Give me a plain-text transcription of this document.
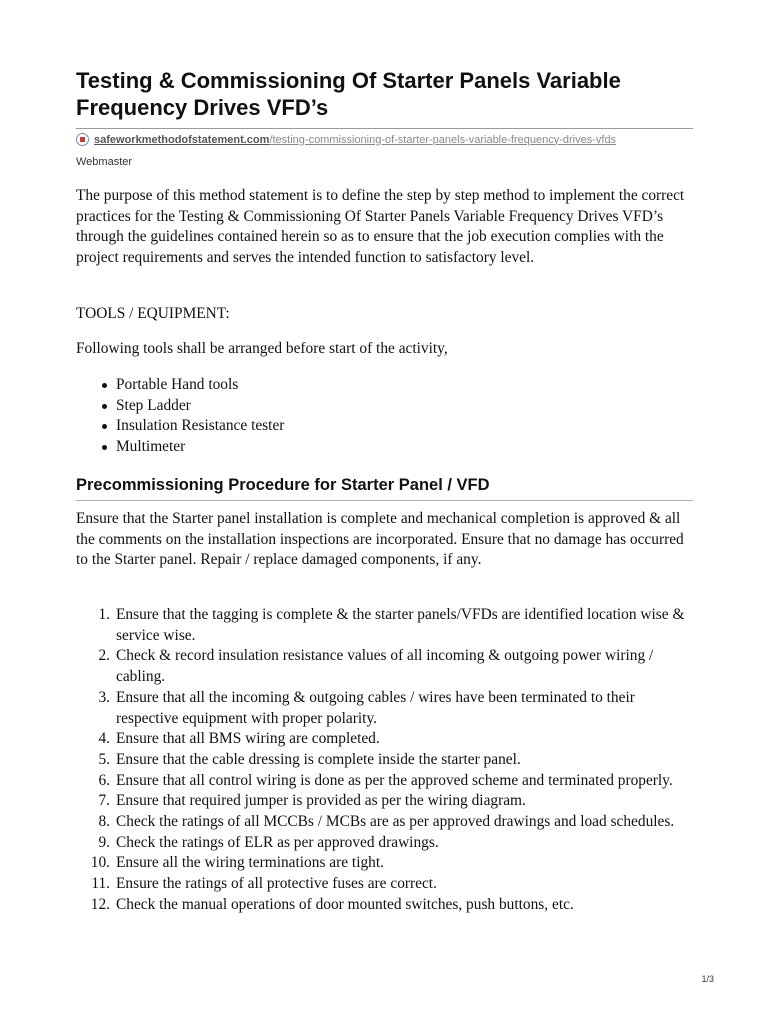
Testing & Commissioning Of Starter Panels Variable Frequency Drives VFD’s
safeworkmethodofstatement.com /testing-commissioning-of-starter-panels-variable-frequency-drives-vfds
Webmaster

The purpose of this method statement is to define the step by step method to implement the correct practices for the Testing & Commissioning Of Starter Panels Variable Frequency Drives VFD’s through the guidelines contained herein so as to ensure that the job execution complies with the project requirements and serves the intended function to satisfactory level.

TOOLS / EQUIPMENT:

Following tools shall be arranged before start of the activity,

Portable Hand tools
Step Ladder
Insulation Resistance tester
Multimeter
Precommissioning Procedure for Starter Panel / VFD

Ensure that the Starter panel installation is complete and mechanical completion is approved & all the comments on the installation inspections are incorporated. Ensure that no damage has occurred to the Starter panel. Repair / replace damaged components, if any.

1. Ensure that the tagging is complete & the starter panels/VFDs are identified location wise & service wise.
2. Check & record insulation resistance values of all incoming & outgoing power wiring / cabling.
3. Ensure that all the incoming & outgoing cables / wires have been terminated to their respective equipment with proper polarity.
4. Ensure that all BMS wiring are completed.
5. Ensure that the cable dressing is complete inside the starter panel.
6. Ensure that all control wiring is done as per the approved scheme and terminated properly.
7. Ensure that required jumper is provided as per the wiring diagram.
8. Check the ratings of all MCCBs / MCBs are as per approved drawings and load schedules.
9. Check the ratings of ELR as per approved drawings.
10. Ensure all the wiring terminations are tight.
11. Ensure the ratings of all protective fuses are correct.
12. Check the manual operations of door mounted switches, push buttons, etc.
1/3
